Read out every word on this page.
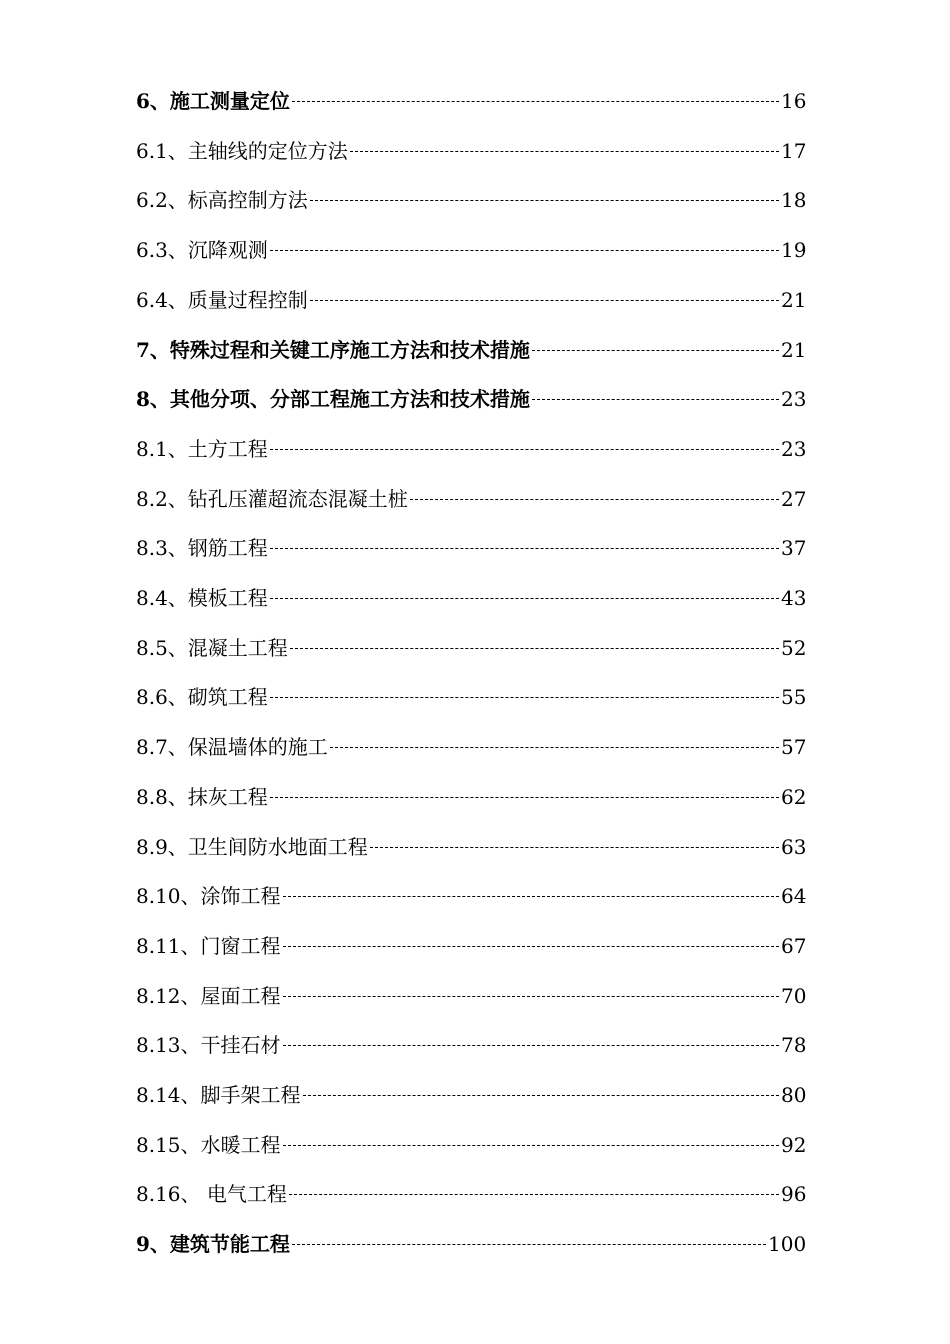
6、施工测量定位	16
6.1、主轴线的定位方法	17
6.2、标高控制方法	18
6.3、沉降观测	19
6.4、质量过程控制	21
7、特殊过程和关键工序施工方法和技术措施	21
8、其他分项、分部工程施工方法和技术措施	23
8.1、土方工程	23
8.2、钻孔压灌超流态混凝土桩	27
8.3、钢筋工程	37
8.4、模板工程	43
8.5、混凝土工程	52
8.6、砌筑工程	55
8.7、保温墙体的施工	57
8.8、抹灰工程	62
8.9、卫生间防水地面工程	63
8.10、涂饰工程	64
8.11、门窗工程	67
8.12、屋面工程	70
8.13、干挂石材	78
8.14、脚手架工程	80
8.15、水暖工程	92
8.16、 电气工程	96
9、建筑节能工程	100
